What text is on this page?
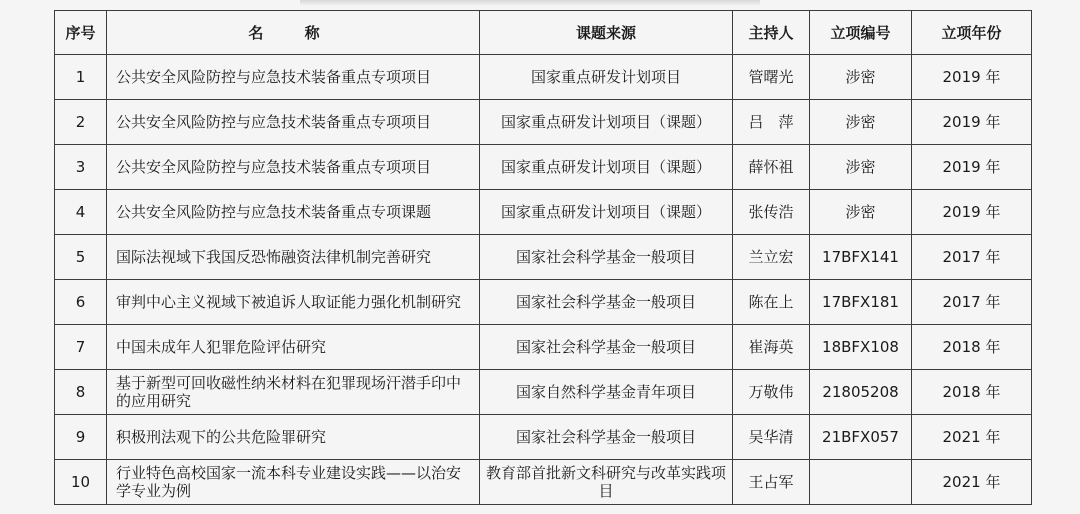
序号	名 称	课题来源	主持人	立项编号	立项年份
1	公共安全风险防控与应急技术装备重点专项项目	国家重点研发计划项目	管曙光	涉密	2019 年
2	公共安全风险防控与应急技术装备重点专项项目	国家重点研发计划项目（课题）	吕　萍	涉密	2019 年
3	公共安全风险防控与应急技术装备重点专项项目	国家重点研发计划项目（课题）	薛怀祖	涉密	2019 年
4	公共安全风险防控与应急技术装备重点专项课题	国家重点研发计划项目（课题）	张传浩	涉密	2019 年
5	国际法视域下我国反恐怖融资法律机制完善研究	国家社会科学基金一般项目	兰立宏	17BFX141	2017 年
6	审判中心主义视域下被追诉人取证能力强化机制研究	国家社会科学基金一般项目	陈在上	17BFX181	2017 年
7	中国未成年人犯罪危险评估研究	国家社会科学基金一般项目	崔海英	18BFX108	2018 年
8	基于新型可回收磁性纳米材料在犯罪现场汗潜手印中的应用研究	国家自然科学基金青年项目	万敬伟	21805208	2018 年
9	积极刑法观下的公共危险罪研究	国家社会科学基金一般项目	吴华清	21BFX057	2021 年
10	行业特色高校国家一流本科专业建设实践——以治安学专业为例	教育部首批新文科研究与改革实践项目	王占军		2021 年
